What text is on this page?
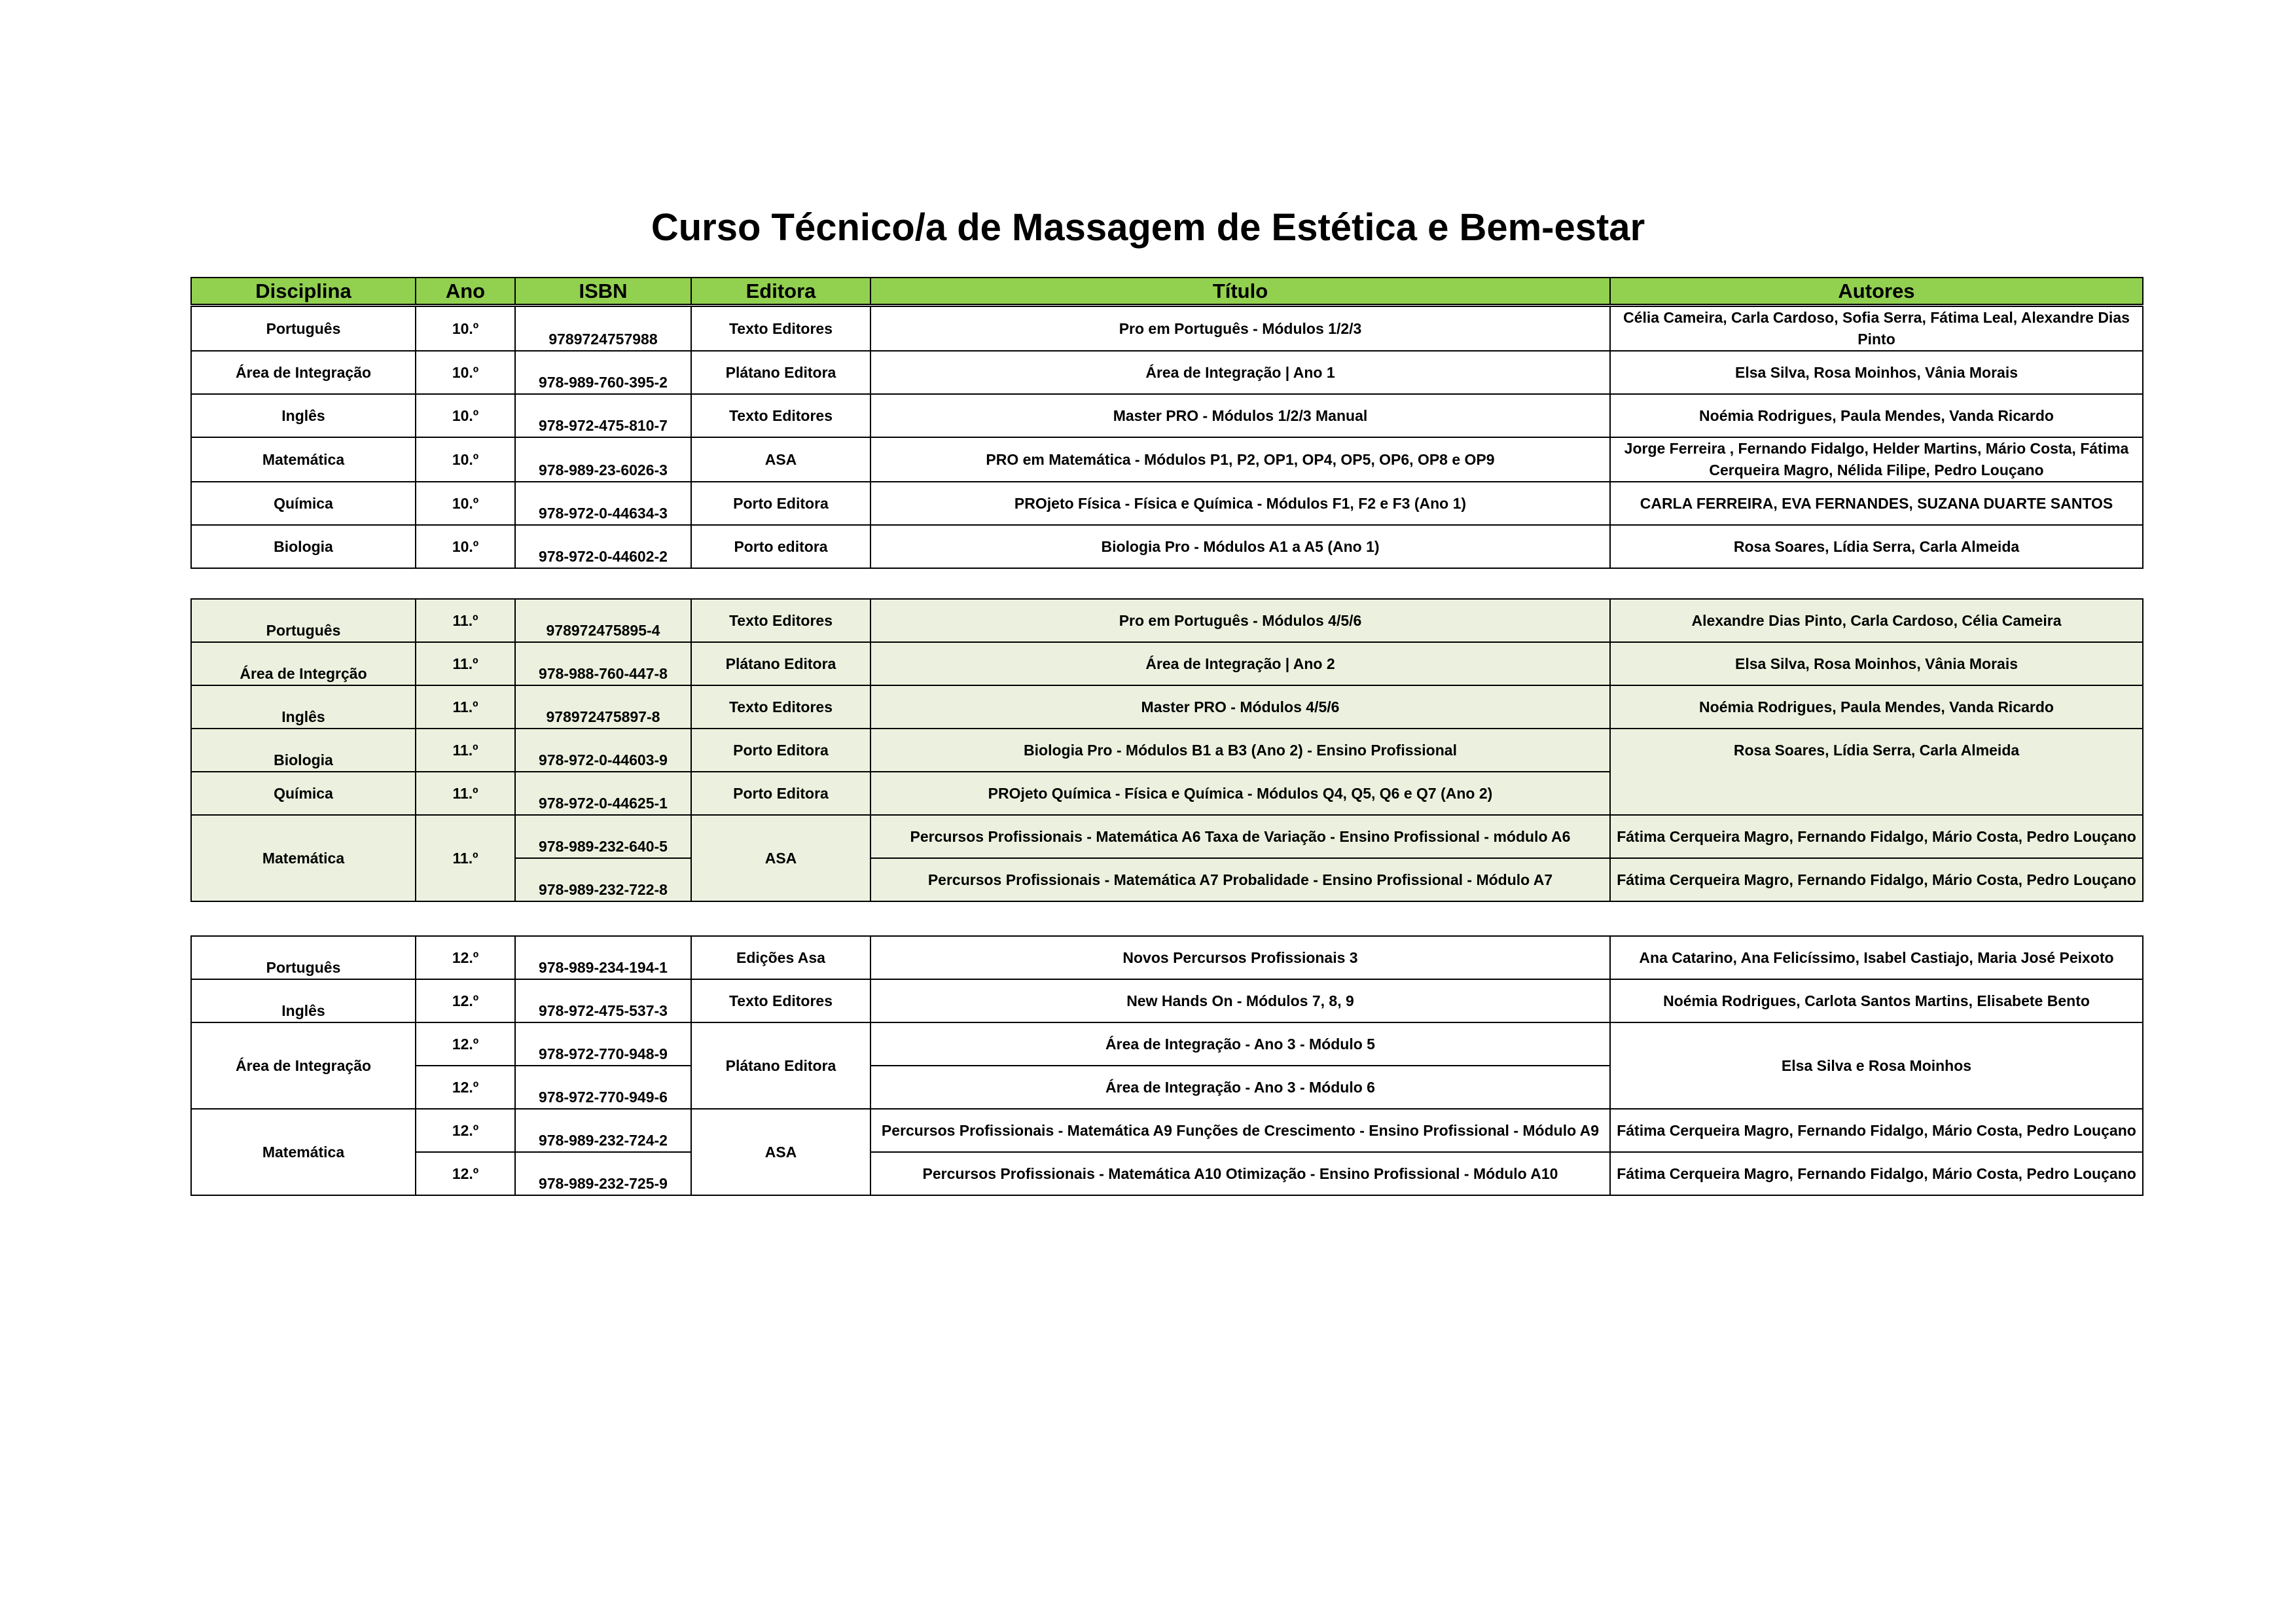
Curso Técnico/a de Massagem de Estética e Bem-estar
Disciplina	Ano	ISBN	Editora	Título	Autores
Português	10.º	9789724757988	Texto Editores	Pro em Português - Módulos 1/2/3	Célia Cameira, Carla Cardoso, Sofia Serra, Fátima Leal, Alexandre Dias Pinto
Área de Integração	10.º	978-989-760-395-2	Plátano Editora	Área de Integração | Ano 1	Elsa Silva, Rosa Moinhos, Vânia Morais
Inglês	10.º	978-972-475-810-7	Texto Editores	Master PRO - Módulos 1/2/3 Manual	Noémia Rodrigues, Paula Mendes, Vanda Ricardo
Matemática	10.º	978-989-23-6026-3	ASA	PRO em Matemática - Módulos P1, P2, OP1, OP4, OP5, OP6, OP8 e OP9	Jorge Ferreira , Fernando Fidalgo, Helder Martins, Mário Costa, Fátima Cerqueira Magro, Nélida Filipe, Pedro Louçano
Química	10.º	978-972-0-44634-3	Porto Editora	PROjeto Física - Física e Química - Módulos F1, F2 e F3 (Ano 1)	CARLA FERREIRA, EVA FERNANDES, SUZANA DUARTE SANTOS
Biologia	10.º	978-972-0-44602-2	Porto editora	Biologia Pro - Módulos A1 a A5 (Ano 1)	Rosa Soares, Lídia Serra, Carla Almeida
Português	11.º	978972475895-4	Texto Editores	Pro em Português - Módulos 4/5/6	Alexandre Dias Pinto, Carla Cardoso, Célia Cameira
Área de Integrção	11.º	978-988-760-447-8	Plátano Editora	Área de Integração | Ano 2	Elsa Silva, Rosa Moinhos, Vânia Morais
Inglês	11.º	978972475897-8	Texto Editores	Master PRO - Módulos 4/5/6	Noémia Rodrigues, Paula Mendes, Vanda Ricardo
Biologia	11.º	978-972-0-44603-9	Porto Editora	Biologia Pro - Módulos B1 a B3 (Ano 2) - Ensino Profissional	Rosa Soares, Lídia Serra, Carla Almeida
Química	11.º	978-972-0-44625-1	Porto Editora	PROjeto Química - Física e Química - Módulos Q4, Q5, Q6 e Q7 (Ano 2)	
Matemática	11.º	978-989-232-640-5	ASA	Percursos Profissionais - Matemática A6 Taxa de Variação - Ensino Profissional - módulo A6	Fátima Cerqueira Magro, Fernando Fidalgo, Mário Costa, Pedro Louçano
		978-989-232-722-8		Percursos Profissionais - Matemática A7 Probalidade - Ensino Profissional - Módulo A7	Fátima Cerqueira Magro, Fernando Fidalgo, Mário Costa, Pedro Louçano
Português	12.º	978-989-234-194-1	Edições Asa	Novos Percursos Profissionais 3	Ana Catarino, Ana Felicíssimo, Isabel Castiajo, Maria José Peixoto
Inglês	12.º	978-972-475-537-3	Texto Editores	New Hands On - Módulos 7, 8, 9	Noémia Rodrigues, Carlota Santos Martins, Elisabete Bento
Área de Integração	12.º	978-972-770-948-9	Plátano Editora	Área de Integração - Ano 3 - Módulo 5	Elsa Silva e Rosa Moinhos
	12.º	978-972-770-949-6		Área de Integração - Ano 3 - Módulo 6	
Matemática	12.º	978-989-232-724-2	ASA	Percursos Profissionais - Matemática A9 Funções de Crescimento - Ensino Profissional - Módulo A9	Fátima Cerqueira Magro, Fernando Fidalgo, Mário Costa, Pedro Louçano
	12.º	978-989-232-725-9		Percursos Profissionais - Matemática A10 Otimização - Ensino Profissional - Módulo A10	Fátima Cerqueira Magro, Fernando Fidalgo, Mário Costa, Pedro Louçano
